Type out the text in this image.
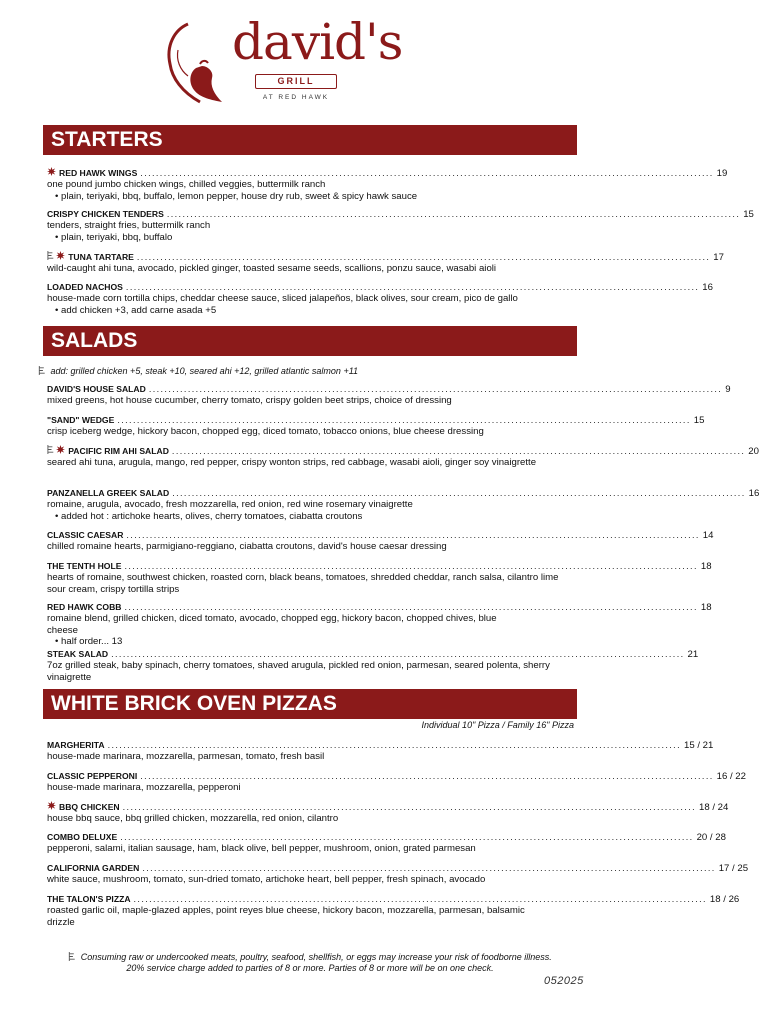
david's
GRILL
AT RED HAWK
STARTERS
RED HAWK WINGS ................................................................................................................................................... 19

one pound jumbo chicken wings, chilled veggies, buttermilk ranch

• plain, teriyaki, bbq, buffalo, lemon pepper, house dry rub, sweet & spicy hawk sauce

CRISPY CHICKEN TENDERS ................................................................................................................................................... 15

tenders, straight fries, buttermilk ranch

• plain, teriyaki, bbq, buffalo

TUNA TARTARE ................................................................................................................................................... 17

wild-caught ahi tuna, avocado, pickled ginger, toasted sesame seeds, scallions, ponzu sauce, wasabi aioli

LOADED NACHOS ................................................................................................................................................... 16

house-made corn tortilla chips, cheddar cheese sauce, sliced jalapeños, black olives, sour cream, pico de gallo

• add chicken +3, add carne asada +5

SALADS
add: grilled chicken +5, steak +10, seared ahi +12, grilled atlantic salmon +11
DAVID'S HOUSE SALAD ................................................................................................................................................... 9

mixed greens, hot house cucumber, cherry tomato, crispy golden beet strips, choice of dressing

"SAND" WEDGE ................................................................................................................................................... 15

crisp iceberg wedge, hickory bacon, chopped egg, diced tomato, tobacco onions, blue cheese dressing

PACIFIC RIM AHI SALAD ................................................................................................................................................... 20

seared ahi tuna, arugula, mango, red pepper, crispy wonton strips, red cabbage, wasabi aioli, ginger soy vinaigrette

PANZANELLA GREEK SALAD ................................................................................................................................................... 16

romaine, arugula, avocado, fresh mozzarella, red onion, red wine rosemary vinaigrette

• added hot : artichoke hearts, olives, cherry tomatoes, ciabatta croutons

CLASSIC CAESAR ................................................................................................................................................... 14

chilled romaine hearts, parmigiano-reggiano, ciabatta croutons, david's house caesar dressing

THE TENTH HOLE ................................................................................................................................................... 18

hearts of romaine, southwest chicken, roasted corn, black beans, tomatoes, shredded cheddar, ranch salsa, cilantro lime sour cream, crispy tortilla strips

RED HAWK COBB ................................................................................................................................................... 18

romaine blend, grilled chicken, diced tomato, avocado, chopped egg, hickory bacon, chopped chives, blue cheese

• half order... 13

STEAK SALAD ................................................................................................................................................... 21

7oz grilled steak, baby spinach, cherry tomatoes, shaved arugula, pickled red onion, parmesan, seared polenta, sherry vinaigrette

WHITE BRICK OVEN PIZZAS
Individual 10" Pizza / Family 16" Pizza
MARGHERITA ................................................................................................................................................... 15 / 21

house-made marinara, mozzarella, parmesan, tomato, fresh basil

CLASSIC PEPPERONI ................................................................................................................................................... 16 / 22

house-made marinara, mozzarella, pepperoni

BBQ CHICKEN ................................................................................................................................................... 18 / 24

house bbq sauce, bbq grilled chicken, mozzarella, red onion, cilantro

COMBO DELUXE ................................................................................................................................................... 20 / 28

pepperoni, salami, italian sausage, ham, black olive, bell pepper, mushroom, onion, grated parmesan

CALIFORNIA GARDEN ................................................................................................................................................... 17 / 25

white sauce, mushroom, tomato, sun-dried tomato, artichoke heart, bell pepper, fresh spinach, avocado

THE TALON'S PIZZA ................................................................................................................................................... 18 / 26

roasted garlic oil, maple-glazed apples, point reyes blue cheese, hickory bacon, mozzarella, parmesan, balsamic drizzle

Consuming raw or undercooked meats, poultry, seafood, shellfish, or eggs may increase your risk of foodborne illness.
20% service charge added to parties of 8 or more. Parties of 8 or more will be on one check.
052025
